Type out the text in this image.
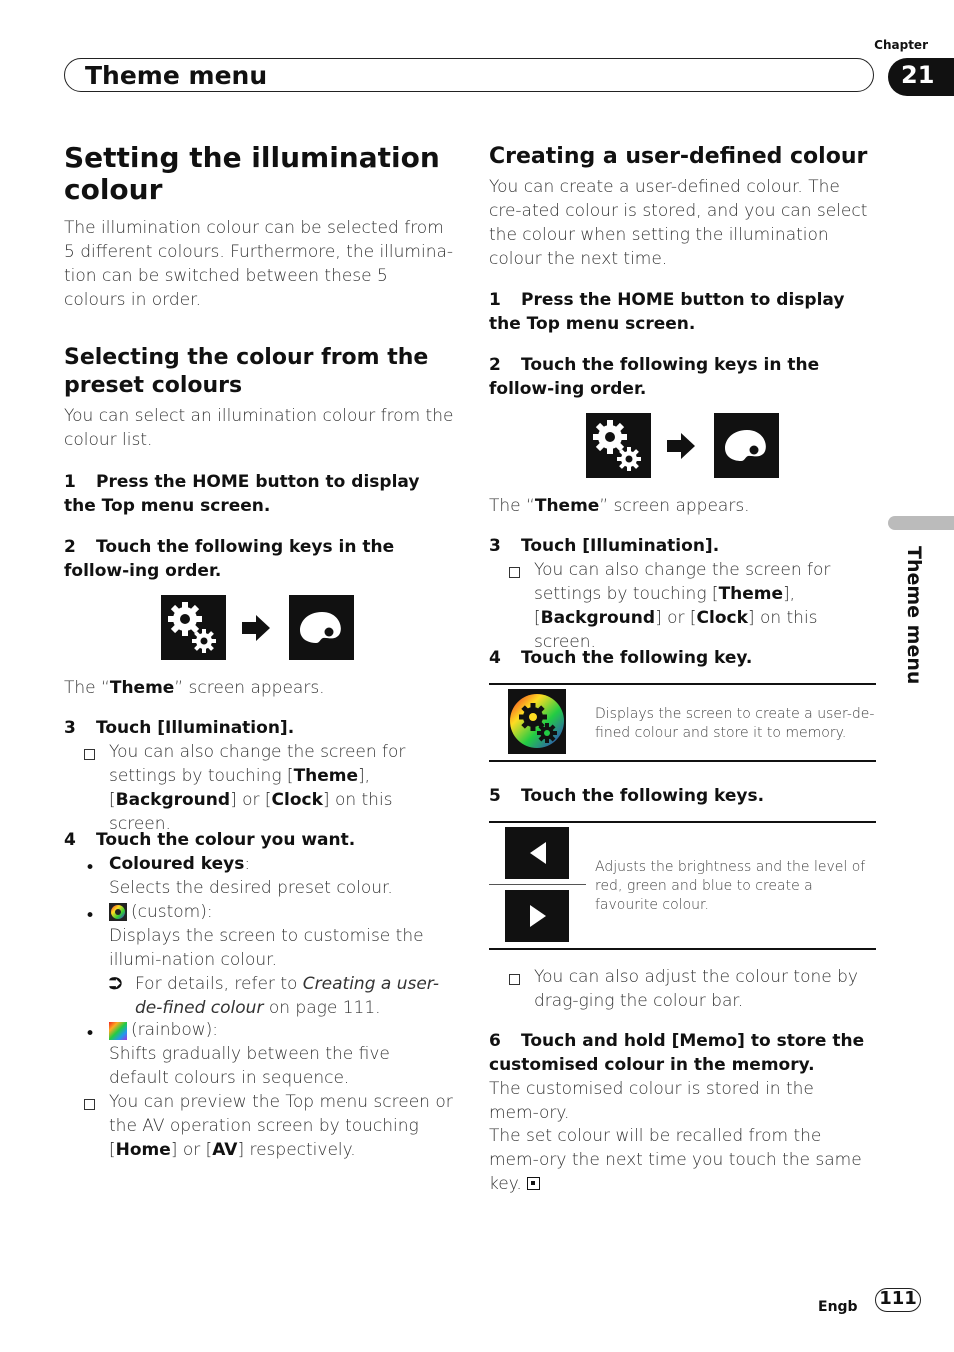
Chapter
Theme menu	21
Theme menu
Setting the illumination colour
The illumination colour can be selected from 5 different colours. Furthermore, the illumina-tion can be switched between these 5 colours in order.
Selecting the colour from the preset colours
You can select an illumination colour from the colour list.
1 Press the HOME button to display the Top menu screen.
2 Touch the following keys in the follow-ing order.
The “Theme” screen appears.
3 Touch [Illumination].
You can also change the screen for settings by touching [Theme], [Background] or [Clock] on this screen.
4 Touch the colour you want.
• Coloured keys:
Selects the desired preset colour.
•	(custom):
Displays the screen to customise the illumi-nation colour.
⮊ For details, refer to Creating a user-de-fined colour on page 111.
•	(rainbow):
Shifts gradually between the five default colours in sequence.
You can preview the Top menu screen or the AV operation screen by touching [Home] or [AV] respectively.
Creating a user-defined colour
You can create a user-defined colour. The cre-ated colour is stored, and you can select the colour when setting the illumination colour the next time.
1 Press the HOME button to display the Top menu screen.
2 Touch the following keys in the follow-ing order.
The “Theme” screen appears.
3 Touch [Illumination].
You can also change the screen for settings by touching [Theme], [Background] or [Clock] on this screen.
4 Touch the following key.
Displays the screen to create a user-de-fined colour and store it to memory.
5 Touch the following keys.
Adjusts the brightness and the level of red, green and blue to create a favourite colour.
You can also adjust the colour tone by drag-ging the colour bar.
6 Touch and hold [Memo] to store the customised colour in the memory.
The customised colour is stored in the mem-ory.
The set colour will be recalled from the mem-ory the next time you touch the same key.
Engb 111
